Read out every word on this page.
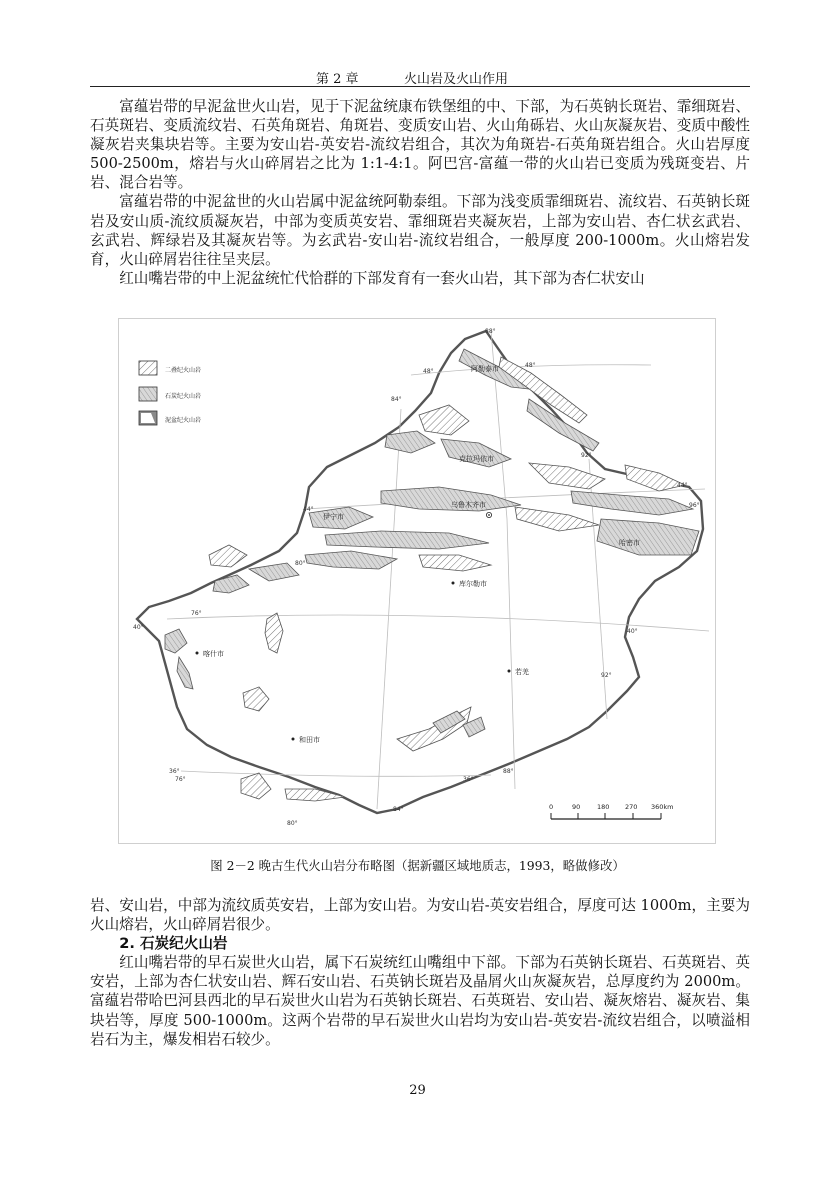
第 2 章	火山岩及火山作用

富蕴岩带的早泥盆世火山岩，见于下泥盆统康布铁堡组的中、下部，为石英钠长斑岩、霏细斑岩、石英斑岩、变质流纹岩、石英角斑岩、角斑岩、变质安山岩、火山角砾岩、火山灰凝灰岩、变质中酸性凝灰岩夹集块岩等。主要为安山岩-英安岩-流纹岩组合，其次为角斑岩-石英角斑岩组合。火山岩厚度 500-2500m，熔岩与火山碎屑岩之比为 1:1-4:1。阿巴宫-富蕴一带的火山岩已变质为残斑变岩、片岩、混合岩等。

富蕴岩带的中泥盆世的火山岩属中泥盆统阿勒泰组。下部为浅变质霏细斑岩、流纹岩、石英钠长斑岩及安山质-流纹质凝灰岩，中部为变质英安岩、霏细斑岩夹凝灰岩，上部为安山岩、杏仁状玄武岩、玄武岩、辉绿岩及其凝灰岩等。为玄武岩-安山岩-流纹岩组合，一般厚度 200-1000m。火山熔岩发育，火山碎屑岩往往呈夹层。

红山嘴岩带的中上泥盆统忙代恰群的下部发育有一套火山岩，其下部为杏仁状安山

二叠纪火山岩
石炭纪火山岩
泥盆纪火山岩
阿勒泰市
克拉玛依市
乌鲁木齐市
伊宁市
哈密市
库尔勒市
喀什市
若羌
和田市
88°
48°
48°
84°
92°
44°
96°
44°
80°
76°
40°
40°
92°
36°
76°	36°
88°
84°
80°
0	90	180 270 360km
图 2－2 晚古生代火山岩分布略图（据新疆区域地质志，1993，略做修改）

岩、安山岩，中部为流纹质英安岩，上部为安山岩。为安山岩-英安岩组合，厚度可达 1000m，主要为火山熔岩，火山碎屑岩很少。

2. 石炭纪火山岩

红山嘴岩带的早石炭世火山岩，属下石炭统红山嘴组中下部。下部为石英钠长斑岩、石英斑岩、英安岩，上部为杏仁状安山岩、辉石安山岩、石英钠长斑岩及晶屑火山灰凝灰岩，总厚度约为 2000m。富蕴岩带哈巴河县西北的早石炭世火山岩为石英钠长斑岩、石英斑岩、安山岩、凝灰熔岩、凝灰岩、集块岩等，厚度 500-1000m。这两个岩带的早石炭世火山岩均为安山岩-英安岩-流纹岩组合，以喷溢相岩石为主，爆发相岩石较少。

29
